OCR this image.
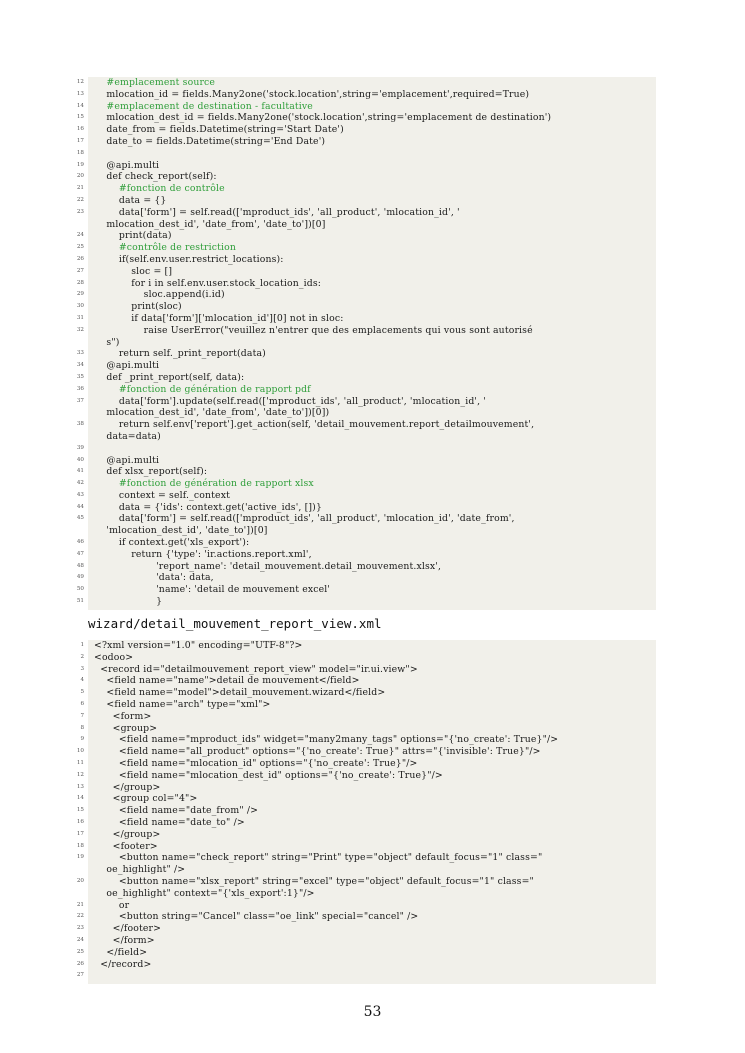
12 #emplacement source
13 mlocation_id = fields.Many2one('stock.location',string='emplacement',required=True)
14 #emplacement de destination - facultative
15 mlocation_dest_id = fields.Many2one('stock.location',string='emplacement de destination')
16 date_from = fields.Datetime(string='Start Date')
17 date_to = fields.Datetime(string='End Date')
18
19 @api.multi
20 def check_report(self):
21 #fonction de contrôle
22 data = {}
23 data['form'] = self.read(['mproduct_ids', 'all_product', 'mlocation_id', '
mlocation_dest_id', 'date_from', 'date_to'])[0]
24 print(data)
25 #contrôle de restriction
26 if(self.env.user.restrict_locations):
27 sloc = []
28 for i in self.env.user.stock_location_ids:
29 sloc.append(i.id)
30 print(sloc)
31 if data['form']['mlocation_id'][0] not in sloc:
32 raise UserError("veuillez n'entrer que des emplacements qui vous sont autorisé
s")
33 return self._print_report(data)
34 @api.multi
35 def _print_report(self, data):
36 #fonction de génération de rapport pdf
37 data['form'].update(self.read(['mproduct_ids', 'all_product', 'mlocation_id', '
mlocation_dest_id', 'date_from', 'date_to'])[0])
38 return self.env['report'].get_action(self, 'detail_mouvement.report_detailmouvement',
data=data)
39
40 @api.multi
41 def xlsx_report(self):
42 #fonction de génération de rapport xlsx
43 context = self._context
44 data = {'ids': context.get('active_ids', [])}
45 data['form'] = self.read(['mproduct_ids', 'all_product', 'mlocation_id', 'date_from',
'mlocation_dest_id', 'date_to'])[0]
46 if context.get('xls_export'):
47 return {'type': 'ir.actions.report.xml',
48 'report_name': 'detail_mouvement.detail_mouvement.xlsx',
49 'data': data,
50 'name': 'detail de mouvement excel'
51 }
wizard/detail_mouvement_report_view.xml
1 <?xml version="1.0" encoding="UTF-8"?>
2 <odoo>
3 <record id="detailmouvement_report_view" model="ir.ui.view">
4 <field name="name">detail de mouvement</field>
5 <field name="model">detail_mouvement.wizard</field>
6 <field name="arch" type="xml">
7 <form>
8 <group>
9 <field name="mproduct_ids" widget="many2many_tags" options="{'no_create': True}"/>
10 <field name="all_product" options="{'no_create': True}" attrs="{'invisible': True}"/>
11 <field name="mlocation_id" options="{'no_create': True}"/>
12 <field name="mlocation_dest_id" options="{'no_create': True}"/>
13 </group>
14 <group col="4">
15 <field name="date_from" />
16 <field name="date_to" />
17 </group>
18 <footer>
19 <button name="check_report" string="Print" type="object" default_focus="1" class="
oe_highlight" />
20 <button name="xlsx_report" string="excel" type="object" default_focus="1" class="
oe_highlight" context="{'xls_export':1}"/>
21 or
22 <button string="Cancel" class="oe_link" special="cancel" />
23 </footer>
24 </form>
25 </field>
26 </record>
27
53
